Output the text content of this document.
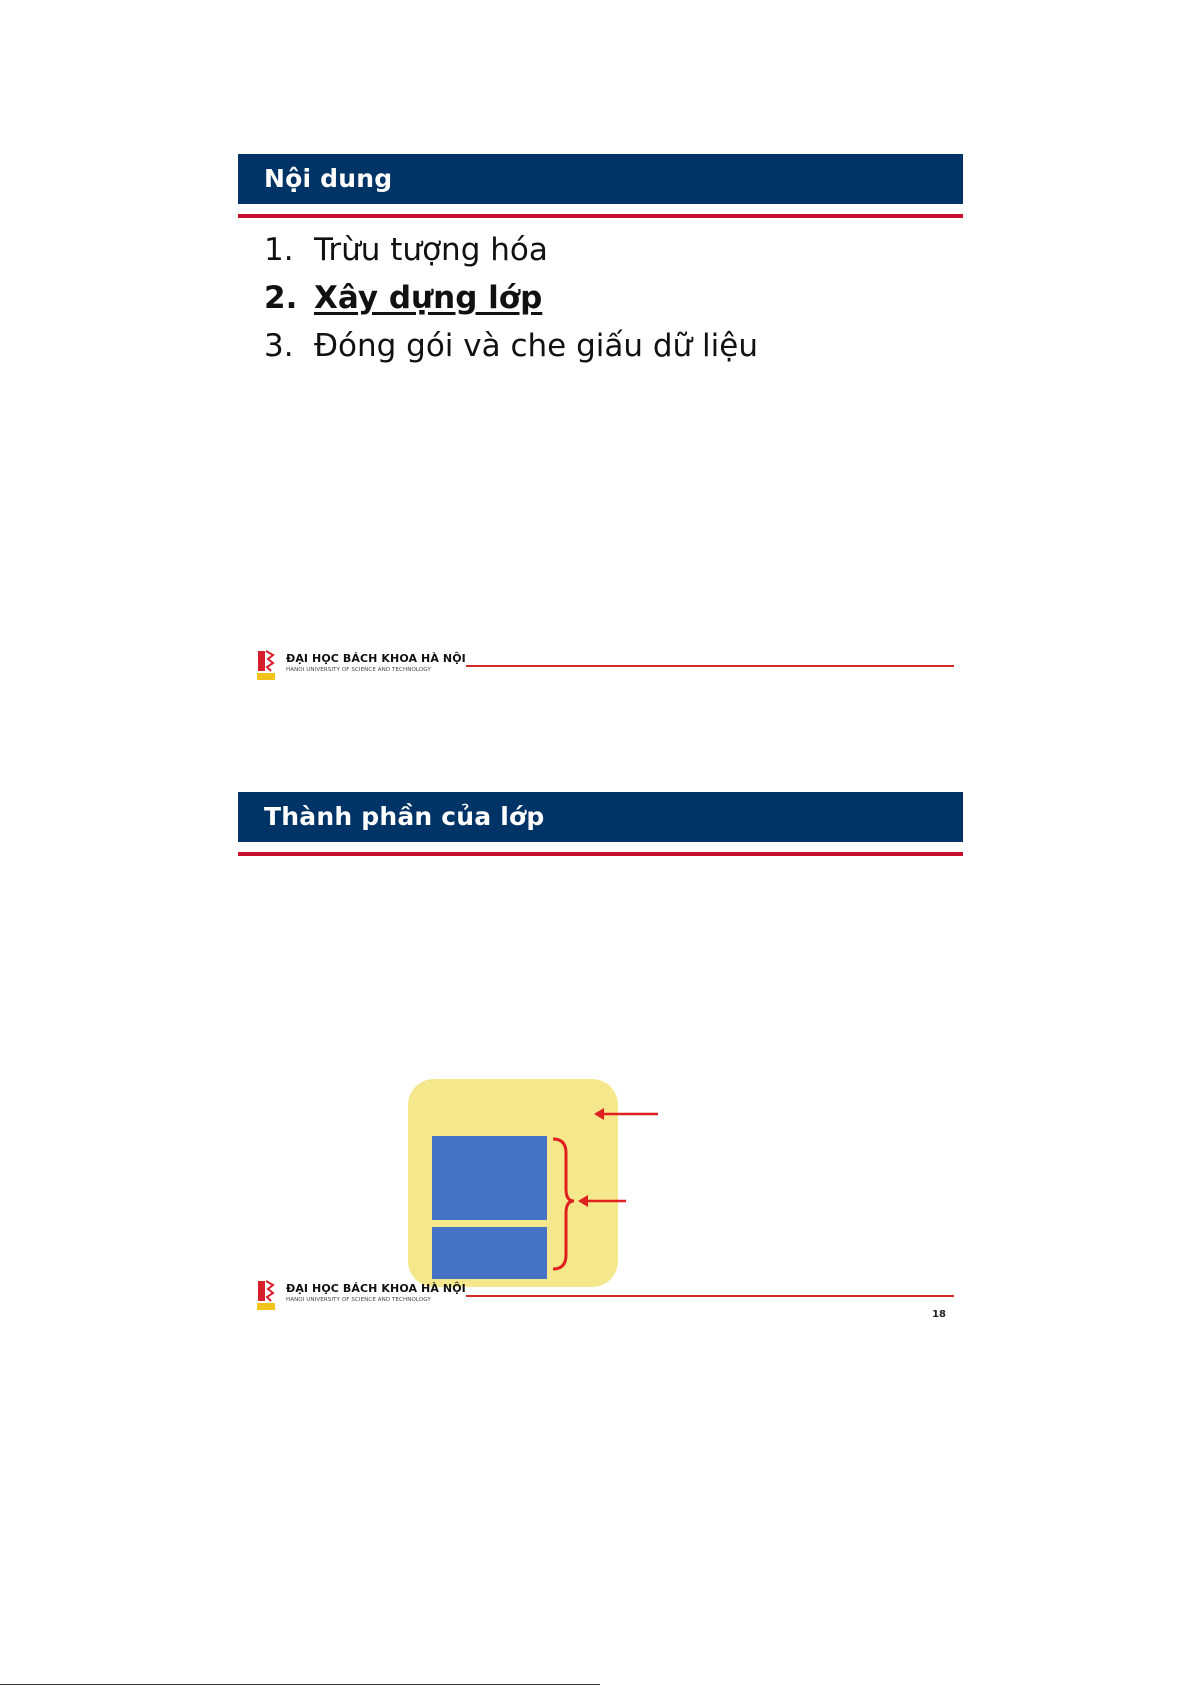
Nội dung
1. Trừu tượng hóa
2. Xây dựng lớp
3. Đóng gói và che giấu dữ liệu
ĐẠI HỌC BÁCH KHOA HÀ NỘI
HANOI UNIVERSITY OF SCIENCE AND TECHNOLOGY
Thành phần của lớp
ĐẠI HỌC BÁCH KHOA HÀ NỘI
HANOI UNIVERSITY OF SCIENCE AND TECHNOLOGY
18
